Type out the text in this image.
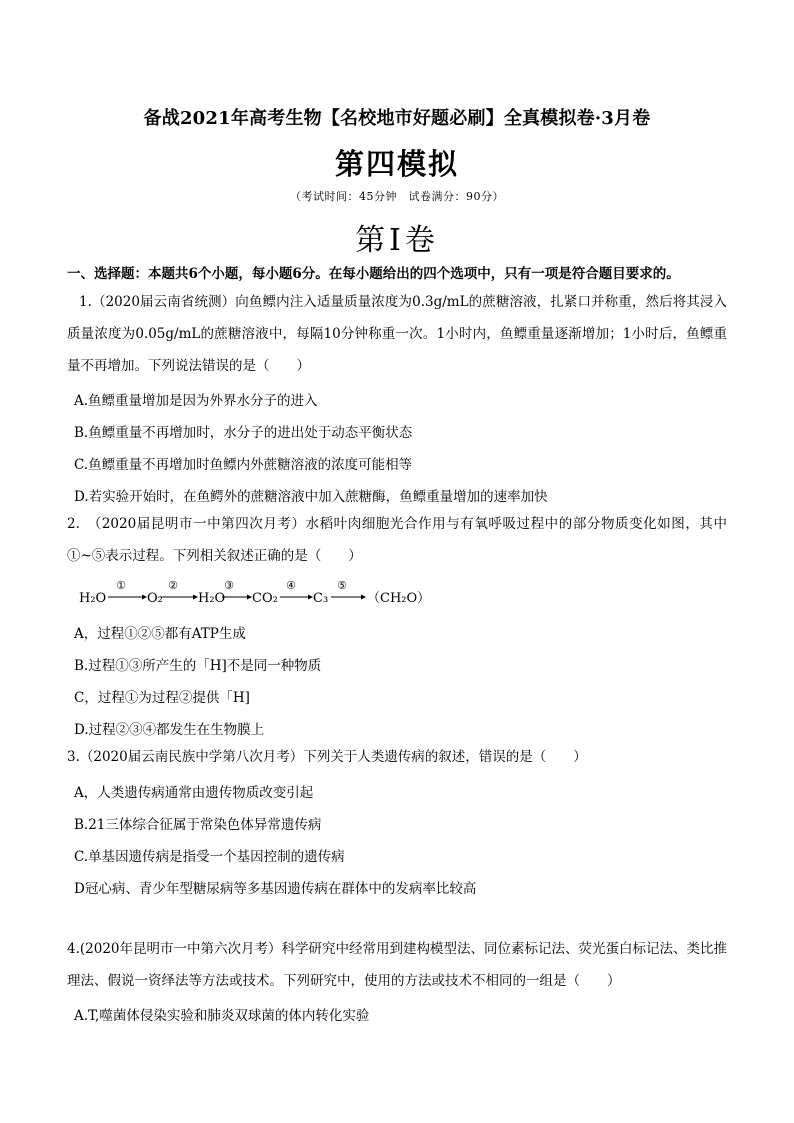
备战2021年高考生物【名校地市好题必刷】全真模拟卷·3月卷
第四模拟
（考试时间：45分钟　试卷满分：90分）
第Ⅰ卷
一、选择题：本题共6个小题，每小题6分。在每小题给出的四个选项中，只有一项是符合题目要求的。
1.（2020届云南省统测）向鱼鳔内注入适量质量浓度为0.3g/mL的蔗糖溶液，扎紧口并称重，然后将其浸入质量浓度为0.05g/mL的蔗糖溶液中，每隔10分钟称重一次。1小时内，鱼鳔重量逐渐增加；1小时后，鱼鳔重量不再增加。下列说法错误的是（　　）
A.鱼鳔重量增加是因为外界水分子的进入
B.鱼鳔重量不再增加时，水分子的进出处于动态平衡状态
C.鱼鳔重量不再增加时鱼鳔内外蔗糖溶液的浓度可能相等
D.若实验开始时，在鱼鳄外的蔗糖溶液中加入蔗糖酶，鱼鳔重量增加的速率加快
2.　（2020届昆明市一中第四次月考）水稻叶肉细胞光合作用与有氧呼吸过程中的部分物质变化如图，其中①~⑤表示过程。下列相关叙述正确的是（　　）
H₂O	O₂	H₂O CO₂	C₃	（CH₂O）
①	②	③	④	⑤
A，过程①②⑤都有ATP生成
B.过程①③所产生的「H]不是同一种物质
C，过程①为过程②提供「H]
D.过程②③④都发生在生物膜上
3.（2020届云南民族中学第八次月考）下列关于人类遗传病的叙述，错误的是（　　）
A，人类遗传病通常由遗传物质改变引起
B.21三体综合征属于常染色体异常遗传病
C.单基因遗传病是指受一个基因控制的遗传病
D冠心病、青少年型糖尿病等多基因遗传病在群体中的发病率比较高
4.(2020年昆明市一中第六次月考）科学研究中经常用到建构模型法、同位素标记法、荧光蛋白标记法、类比推理法、假说一资绎法等方法或技术。下列研究中，使用的方法或技术不相同的一组是（　　）
A.T,噬菌体侵染实验和肺炎双球菌的体内转化实验
